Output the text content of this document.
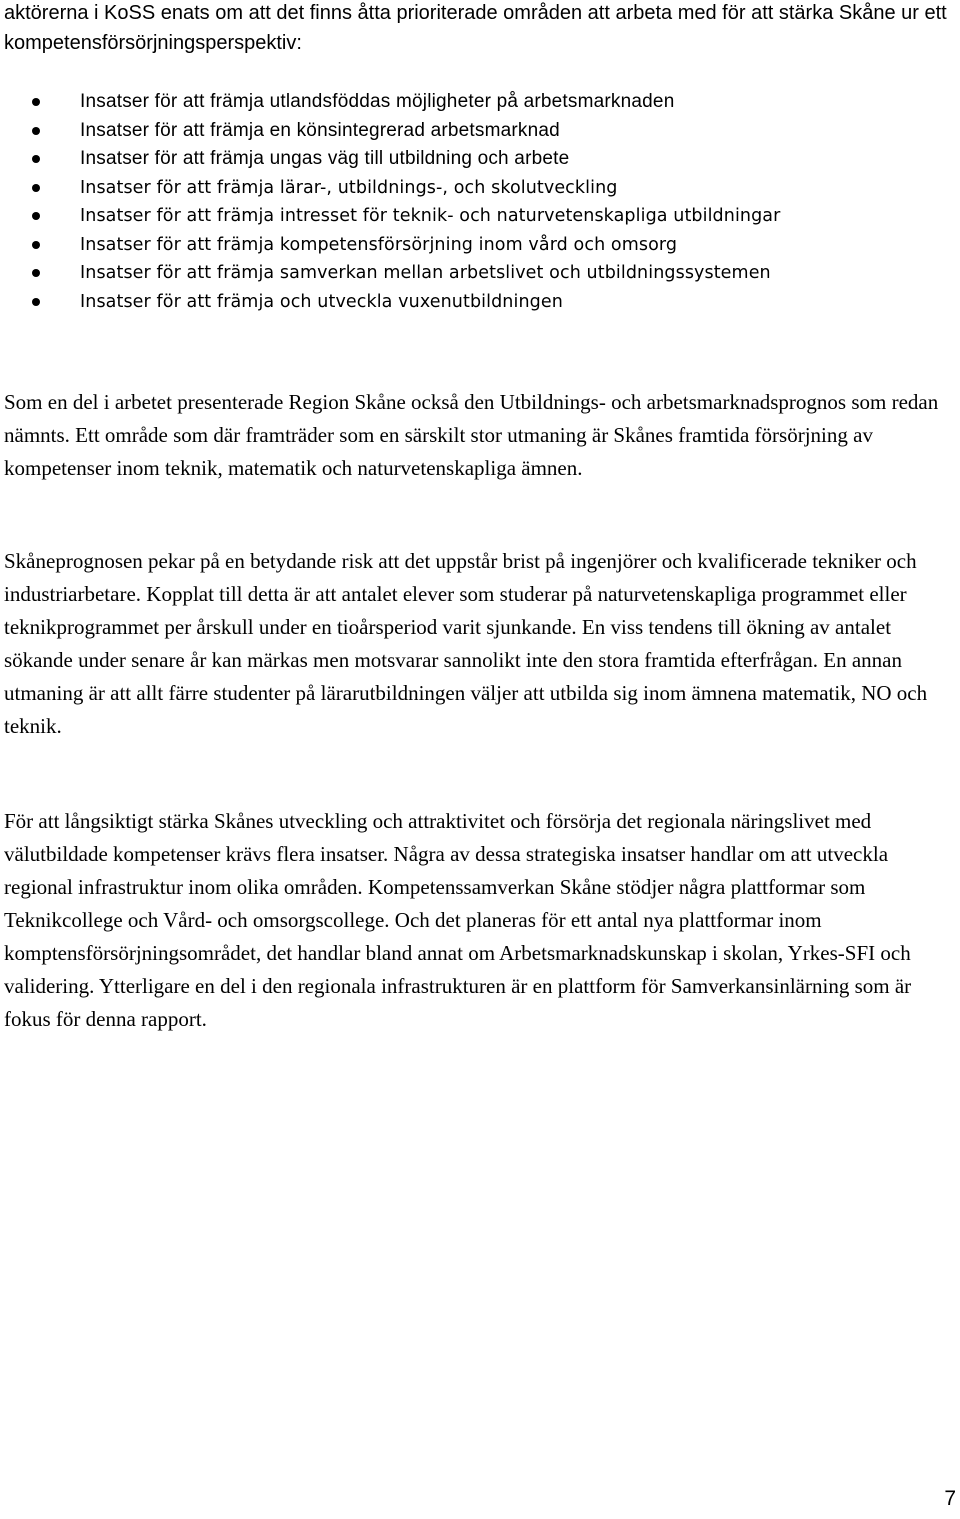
aktörerna i KoSS enats om att det finns åtta prioriterade områden att arbeta med för att stärka Skåne ur ett kompetensförsörjningsperspektiv:

Insatser för att främja utlandsföddas möjligheter på arbetsmarknaden
Insatser för att främja en könsintegrerad arbetsmarknad
Insatser för att främja ungas väg till utbildning och arbete
Insatser för att främja lärar-, utbildnings-, och skolutveckling
Insatser för att främja intresset för teknik- och naturvetenskapliga utbildningar
Insatser för att främja kompetensförsörjning inom vård och omsorg
Insatser för att främja samverkan mellan arbetslivet och utbildningssystemen
Insatser för att främja och utveckla vuxenutbildningen

Som en del i arbetet presenterade Region Skåne också den Utbildnings- och arbetsmarknadsprognos som redan nämnts. Ett område som där framträder som en särskilt stor utmaning är Skånes framtida försörjning av kompetenser inom teknik, matematik och naturvetenskapliga ämnen.

Skåneprognosen pekar på en betydande risk att det uppstår brist på ingenjörer och kvalificerade tekniker och industriarbetare. Kopplat till detta är att antalet elever som studerar på naturvetenskapliga programmet eller teknikprogrammet per årskull under en tioårsperiod varit sjunkande. En viss tendens till ökning av antalet sökande under senare år kan märkas men motsvarar sannolikt inte den stora framtida efterfrågan. En annan utmaning är att allt färre studenter på lärarutbildningen väljer att utbilda sig inom ämnena matematik, NO och teknik.

För att långsiktigt stärka Skånes utveckling och attraktivitet och försörja det regionala näringslivet med välutbildade kompetenser krävs flera insatser. Några av dessa strategiska insatser handlar om att utveckla regional infrastruktur inom olika områden. Kompetenssamverkan Skåne stödjer några plattformar som Teknikcollege och Vård- och omsorgscollege. Och det planeras för ett antal nya plattformar inom komptensförsörjningsområdet, det handlar bland annat om Arbetsmarknadskunskap i skolan, Yrkes-SFI och validering. Ytterligare en del i den regionala infrastrukturen är en plattform för Samverkansinlärning som är fokus för denna rapport.

7
